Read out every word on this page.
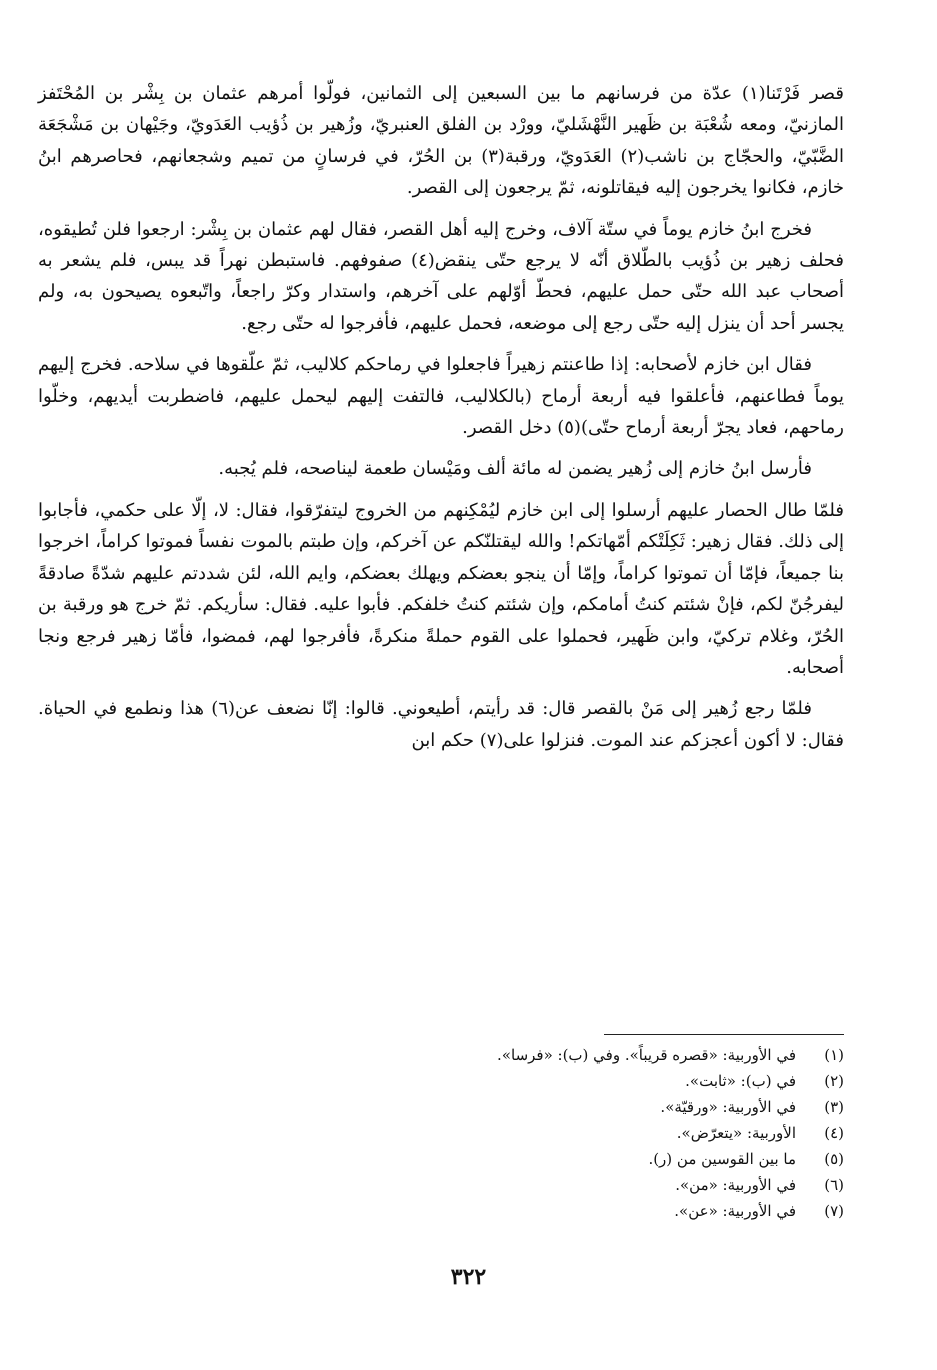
قصر فَرْتَنا(١) عدّة من فرسانهم ما بين السبعين إلى الثمانين، فولّوا أمرهم عثمان بن بِشْر بن المُحْتَفز المازنيّ، ومعه شُعْبَة بن ظَهير النَّهْشَليّ، وورْد بن الفلق العنبريّ، وزُهير بن ذُؤيب العَدَويّ، وجَيْهان بن مَشْجَعَة الضَّبّيّ، والحجّاج بن ناشب(٢) العَدَويّ، ورقبة(٣) بن الحُرّ، في فرسانٍ من تميم وشجعانهم، فحاصرهم ابنُ خازم، فكانوا يخرجون إليه فيقاتلونه، ثمّ يرجعون إلى القصر.

فخرج ابنُ خازم يوماً في ستّة آلاف، وخرج إليه أهل القصر، فقال لهم عثمان بن بِشْر: ارجعوا فلن تُطيقوه، فحلف زهير بن ذُؤيب بالطّلاق أنّه لا يرجع حتّى ينقض(٤) صفوفهم. فاستبطن نهراً قد يبس، فلم يشعر به أصحاب عبد الله حتّى حمل عليهم، فحطّ أوّلهم على آخرهم، واستدار وكرّ راجعاً، واتّبعوه يصيحون به، ولم يجسر أحد أن ينزل إليه حتّى رجع إلى موضعه، فحمل عليهم، فأفرجوا له حتّى رجع.

فقال ابن خازم لأصحابه: إذا طاعنتم زهيراً فاجعلوا في رماحكم كلاليب، ثمّ علّقوها في سلاحه. فخرج إليهم يوماً فطاعنهم، فأعلقوا فيه أربعة أرماح (بالكلاليب، فالتفت إليهم ليحمل عليهم، فاضطربت أيديهم، وخلّوا رماحهم، فعاد يجرّ أربعة أرماح حتّى)(٥) دخل القصر.

فأرسل ابنُ خازم إلى زُهير يضمن له مائة ألف ومَيْسان طعمة ليناصحه، فلم يُجبه.

فلمّا طال الحصار عليهم أرسلوا إلى ابن خازم ليُمْكِنهم من الخروج ليتفرّقوا، فقال: لا، إلّا على حكمي، فأجابوا إلى ذلك. فقال زهير: ثَكِلَتْكم أمّهاتكم! والله ليقتلنّكم عن آخركم، وإن طبتم بالموت نفساً فموتوا كراماً، اخرجوا بنا جميعاً، فإمّا أن تموتوا كراماً، وإمّا أن ينجو بعضكم ويهلك بعضكم، وايم الله، لئن شددتم عليهم شدّةً صادقةً ليفرجُنّ لكم، فإنْ شئتم كنتُ أمامكم، وإن شئتم كنتُ خلفكم. فأبوا عليه. فقال: سأريكم. ثمّ خرج هو ورقبة بن الحُرّ، وغلام تركيّ، وابن ظَهير، فحملوا على القوم حملةً منكرةً، فأفرجوا لهم، فمضوا، فأمّا زهير فرجع ونجا أصحابه.

فلمّا رجع زُهير إلى مَنْ بالقصر قال: قد رأيتم، أطيعوني. قالوا: إنّا نضعف عن(٦) هذا ونطمع في الحياة. فقال: لا أكون أعجزكم عند الموت. فنزلوا على(٧) حكم ابن

(١)
في الأوربية: «قصره قريباً». وفي (ب): «فرسا».
(٢)
في (ب): «ثابت».
(٣)
في الأوربية: «ورقيّة».
(٤)
الأوربية: «يتعرّض».
(٥)
ما بين القوسين من (ر).
(٦)
في الأوربية: «من».
(٧)
في الأوربية: «عن».
٣٢٢
